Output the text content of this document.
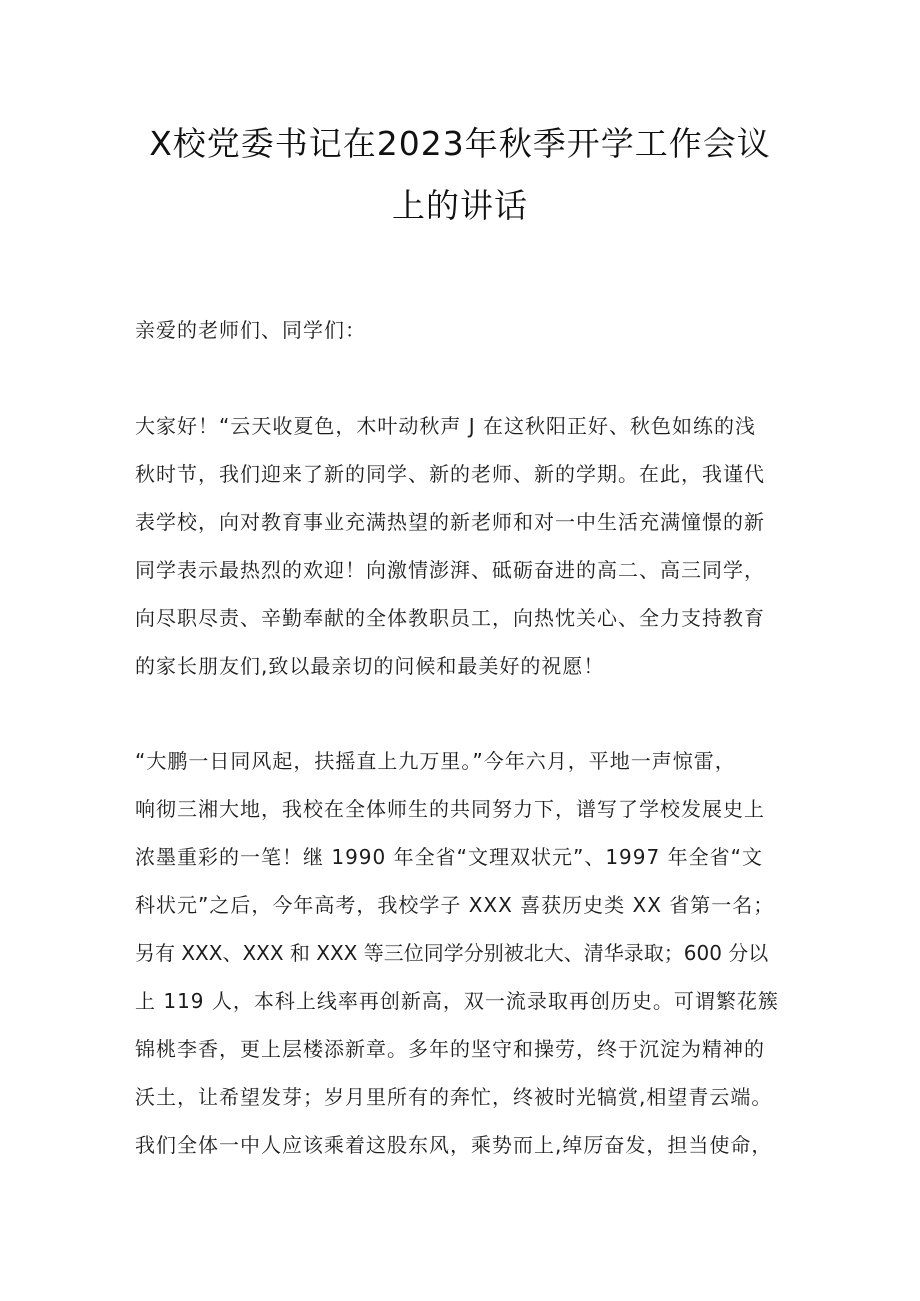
X校党委书记在2023年秋季开学工作会议
上的讲话
亲爱的老师们、同学们：
大家好！“云天收夏色，木叶动秋声 J 在这秋阳正好、秋色如练的浅
秋时节，我们迎来了新的同学、新的老师、新的学期。在此，我谨代
表学校，向对教育事业充满热望的新老师和对一中生活充满憧憬的新
同学表示最热烈的欢迎！向激情澎湃、砥砺奋进的高二、高三同学，
向尽职尽责、辛勤奉献的全体教职员工，向热忱关心、全力支持教育
的家长朋友们,致以最亲切的问候和最美好的祝愿！
“大鹏一日同风起，扶摇直上九万里。”今年六月，平地一声惊雷，
响彻三湘大地，我校在全体师生的共同努力下，谱写了学校发展史上
浓墨重彩的一笔！继 1990 年全省“文理双状元”、1997 年全省“文
科状元”之后，今年高考，我校学子 XXX 喜获历史类 XX 省第一名；
另有 XXX、XXX 和 XXX 等三位同学分别被北大、清华录取；600 分以
上 119 人，本科上线率再创新高，双一流录取再创历史。可谓繁花簇
锦桃李香，更上层楼添新章。多年的坚守和操劳，终于沉淀为精神的
沃土，让希望发芽；岁月里所有的奔忙，终被时光犒赏,相望青云端。
我们全体一中人应该乘着这股东风，乘势而上,绰厉奋发，担当使命，
